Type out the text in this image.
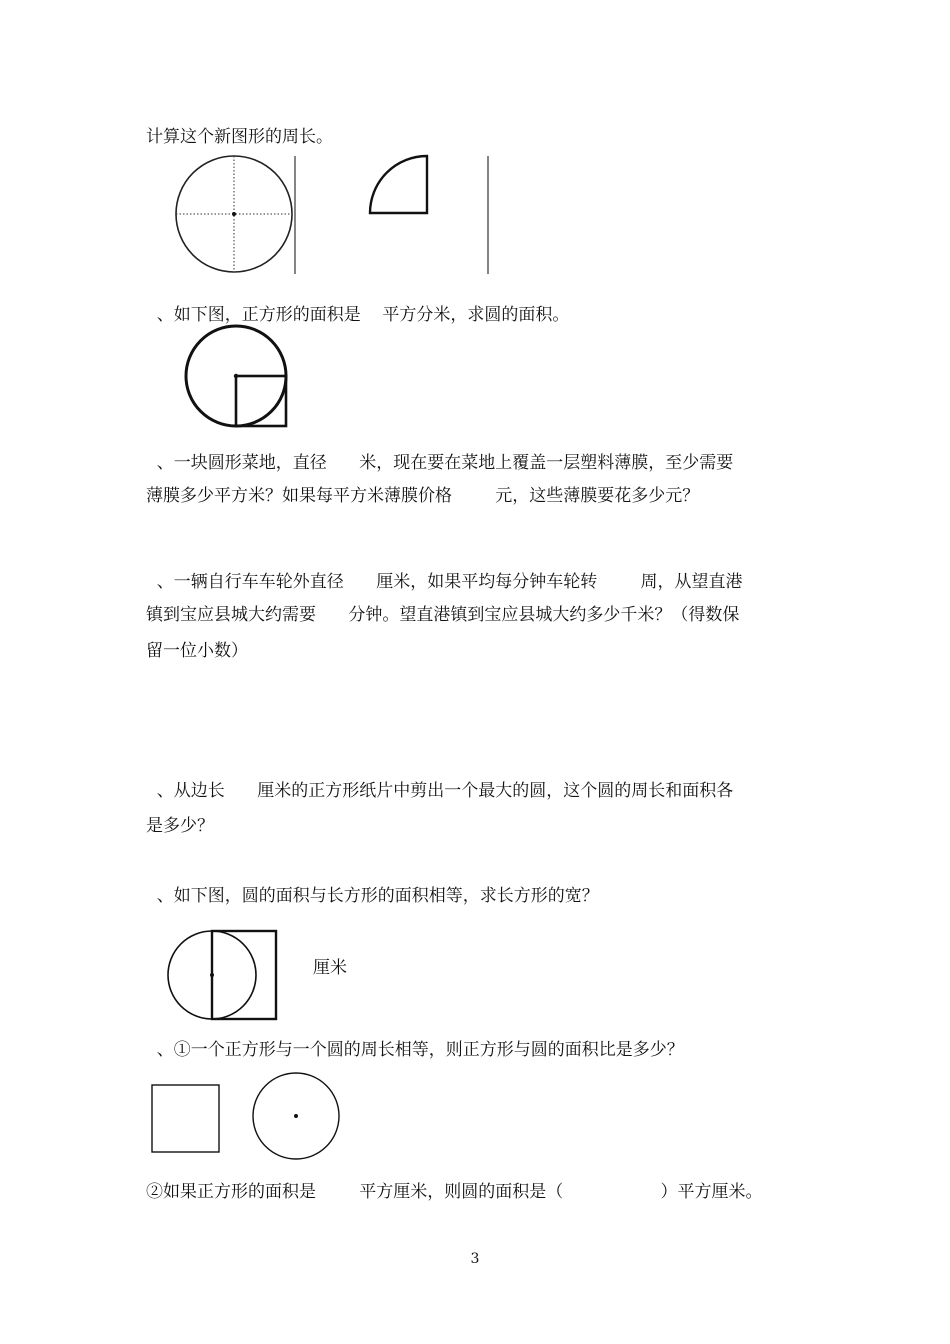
计算这个新图形的周长。

、如下图，正方形的面积是    平方分米，求圆的面积。

、一块圆形菜地，直径      米，现在要在菜地上覆盖一层塑料薄膜，至少需要

薄膜多少平方米？如果每平方米薄膜价格        元，这些薄膜要花多少元？

、一辆自行车车轮外直径      厘米，如果平均每分钟车轮转        周，从望直港

镇到宝应县城大约需要      分钟。望直港镇到宝应县城大约多少千米？（得数保

留一位小数）

、从边长      厘米的正方形纸片中剪出一个最大的圆，这个圆的周长和面积各

是多少？

、如下图，圆的面积与长方形的面积相等，求长方形的宽？

厘米

、①一个正方形与一个圆的周长相等，则正方形与圆的面积比是多少？

②如果正方形的面积是        平方厘米，则圆的面积是（                  ）平方厘米。

3
